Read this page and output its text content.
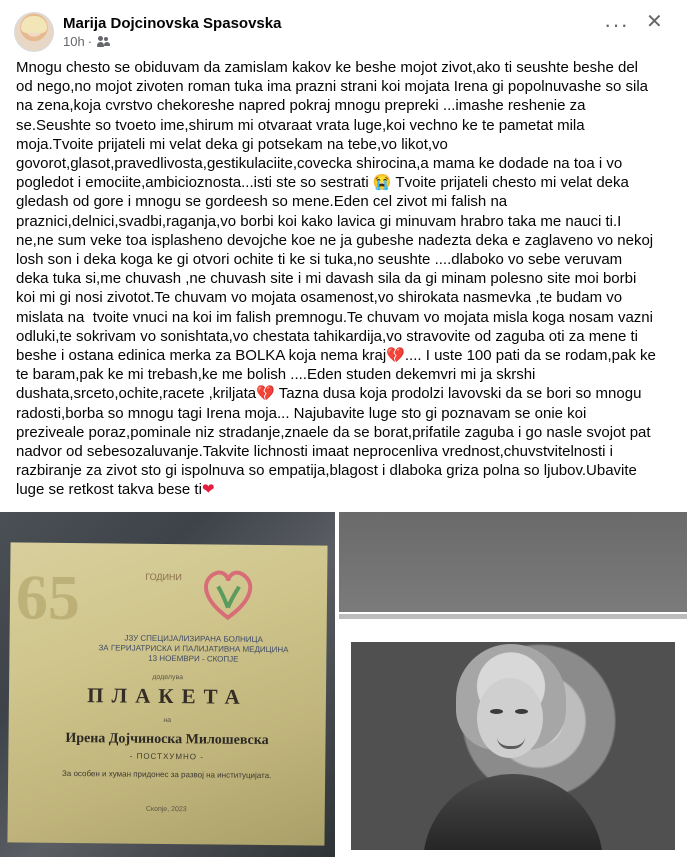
Marija Dojcinovska Spasovska
10h ·
··· ✕
Mnogu chesto se obiduvam da zamislam kakov ke beshe mojot zivot,ako ti seushte beshe del od nego,no mojot zivoten roman tuka ima prazni strani koi mojata Irena gi popolnuvashe so sila na zena,koja cvrstvo chekoreshe napred pokraj mnogu prepreki ...imashe reshenie za se.Seushte so tvoeto ime,shirum mi otvaraat vrata luge,koi vechno ke te pametat mila moja.Tvoite prijateli mi velat deka gi potsekam na tebe,vo likot,vo govorot,glasot,pravedlivosta,gestikulaciite,covecka shirocina,a mama ke dodade na toa i vo pogledot i emociite,ambicioznosta...isti ste so sestrati 😭 Tvoite prijateli chesto mi velat deka gledash od gore i mnogu se gordeesh so mene.Eden cel zivot mi falish na praznici,delnici,svadbi,raganja,vo borbi koi kako lavica gi minuvam hrabro taka me nauci ti.I ne,ne sum veke toa isplasheno devojche koe ne ja gubeshe nadezta deka e zaglaveno vo nekoj losh son i deka koga ke gi otvori ochite ti ke si tuka,no seushte ....dlaboko vo sebe veruvam deka tuka si,me chuvash ,ne chuvash site i mi davash sila da gi minam polesno site moi borbi koi mi gi nosi zivotot.Te chuvam vo mojata osamenost,vo shirokata nasmevka ,te budam vo mislata na  tvoite vnuci na koi im falish premnogu.Te chuvam vo mojata misla koga nosam vazni odluki,te sokrivam vo sonishtata,vo chestata tahikardija,vo stravovite od zaguba oti za mene ti beshe i ostana edinica merka za BOLKA koja nema kraj💔.... I uste 100 pati da se rodam,pak ke te baram,pak ke mi trebash,ke me bolish ....Eden studen dekemvri mi ja skrshi dushata,srceto,ochite,racete ,kriljata💔 Tazna dusa koja prodolzi lavovski da se bori so mnogu radosti,borba so mnogu tagi Irena moja... Najubavite luge sto gi poznavam se onie koi preziveale poraz,pominale niz stradanje,znaele da se borat,prifatile zaguba i go nasle svojot pat nadvor od sebesozaluvanje.Takvite lichnosti imaat neprocenliva vrednost,chuvstvitelnosti i razbiranje za zivot sto gi ispolnuva so empatija,blagost i dlaboka griza polna so ljubov.Ubavite luge se retkost takva bese ti❤
65	ГОДИНИ
ЈЗУ СПЕЦИЈАЛИЗИРАНА БОЛНИЦА
ЗА ГЕРИЈАТРИСКА И ПАЛИЈАТИВНА МЕДИЦИНА
13 НОЕМВРИ - СКОПЈЕ
доделува
ПЛАКЕТА
на
Ирена Дојчиноска Милошевска
- ПОСТХУМНО -
За особен и хуман придонес за развој на институцијата.
Скопје, 2023
